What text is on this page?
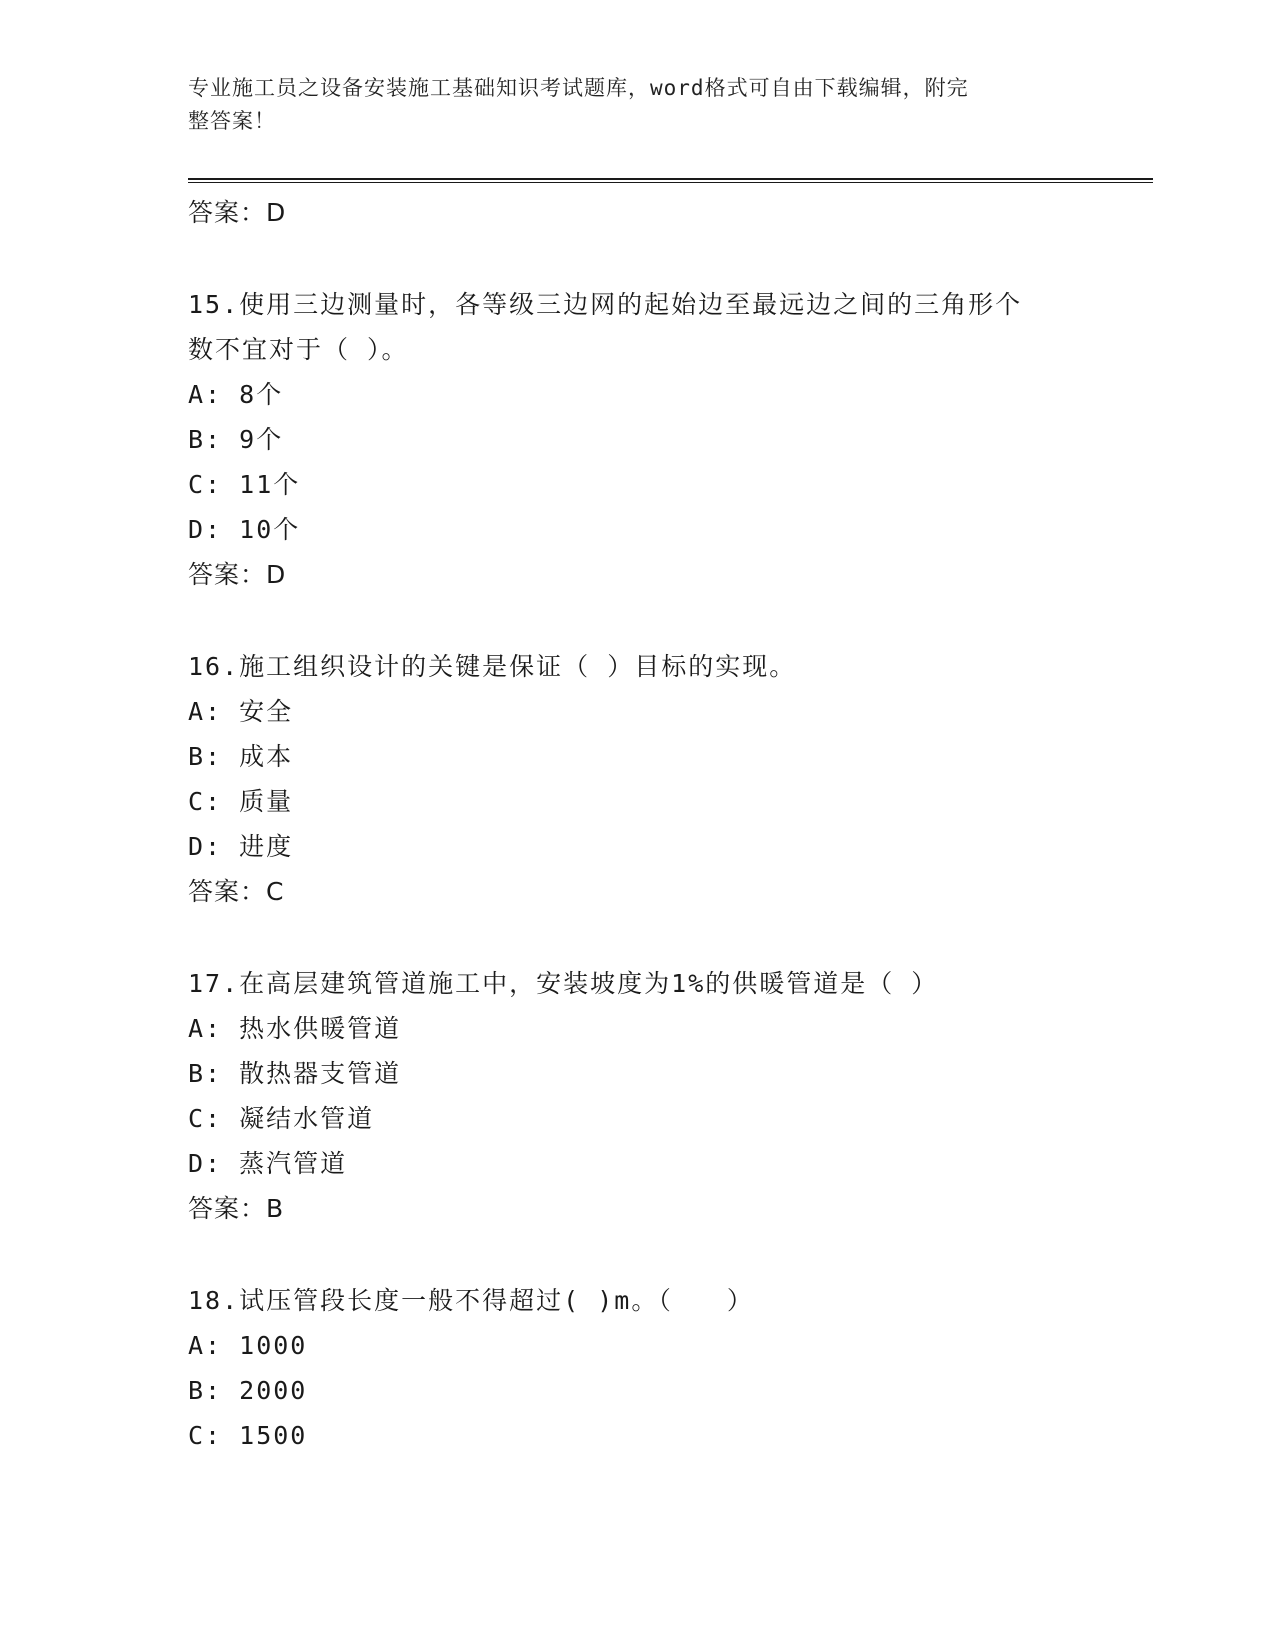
专业施工员之设备安装施工基础知识考试题库，word格式可自由下载编辑，附完
整答案！
答案：D
15.使用三边测量时，各等级三边网的起始边至最远边之间的三角形个
数不宜对于（ ）。
A: 8个
B: 9个
C: 11个
D: 10个
答案：D
16.施工组织设计的关键是保证（ ）目标的实现。
A: 安全
B: 成本
C: 质量
D: 进度
答案：C
17.在高层建筑管道施工中，安装坡度为1%的供暖管道是（ ）
A: 热水供暖管道
B: 散热器支管道
C: 凝结水管道
D: 蒸汽管道
答案：B
18.试压管段长度一般不得超过( )m。（　　）
A: 1000
B: 2000
C: 1500
